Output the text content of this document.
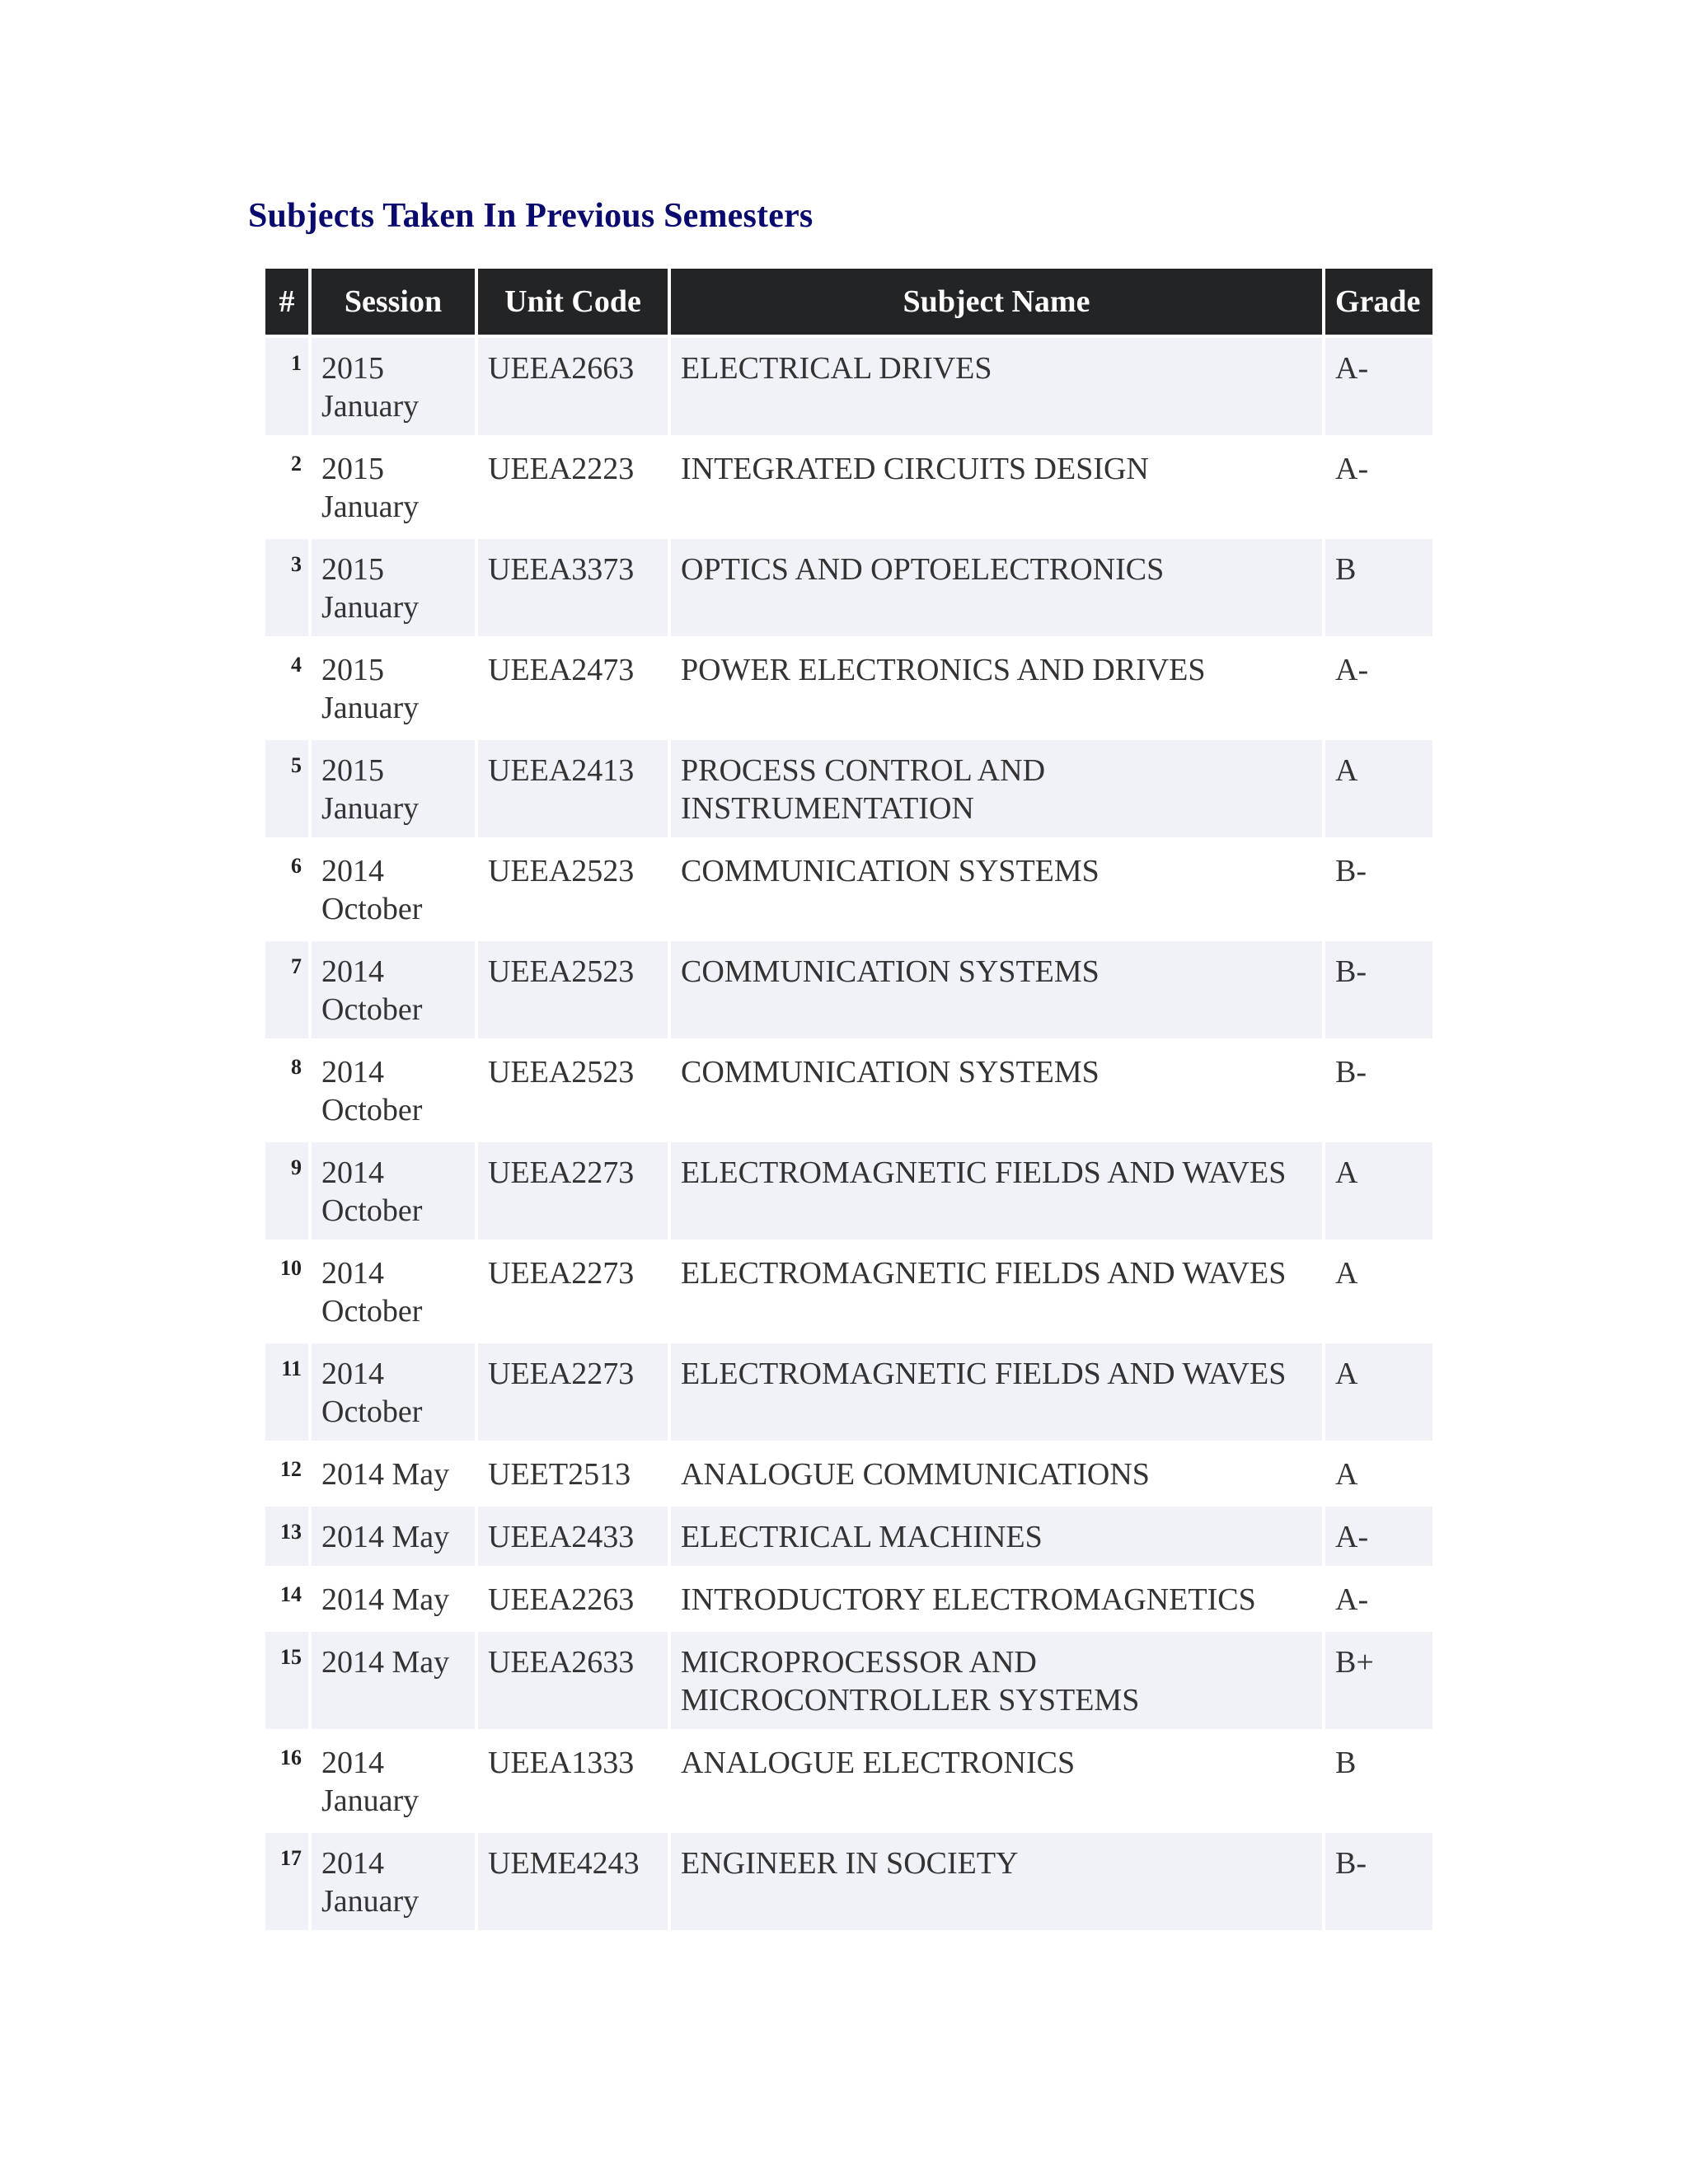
Subjects Taken In Previous Semesters
#	Session	Unit Code	Subject Name	Grade
1	2015 January	UEEA2663	ELECTRICAL DRIVES	A-
2	2015 January	UEEA2223	INTEGRATED CIRCUITS DESIGN	A-
3	2015 January	UEEA3373	OPTICS AND OPTOELECTRONICS	B
4	2015 January	UEEA2473	POWER ELECTRONICS AND DRIVES	A-
5	2015 January	UEEA2413	PROCESS CONTROL AND INSTRUMENTATION	A
6	2014 October	UEEA2523	COMMUNICATION SYSTEMS	B-
7	2014 October	UEEA2523	COMMUNICATION SYSTEMS	B-
8	2014 October	UEEA2523	COMMUNICATION SYSTEMS	B-
9	2014 October	UEEA2273	ELECTROMAGNETIC FIELDS AND WAVES	A
10	2014 October	UEEA2273	ELECTROMAGNETIC FIELDS AND WAVES	A
11	2014 October	UEEA2273	ELECTROMAGNETIC FIELDS AND WAVES	A
12	2014 May	UEET2513	ANALOGUE COMMUNICATIONS	A
13	2014 May	UEEA2433	ELECTRICAL MACHINES	A-
14	2014 May	UEEA2263	INTRODUCTORY ELECTROMAGNETICS	A-
15	2014 May	UEEA2633	MICROPROCESSOR AND MICROCONTROLLER SYSTEMS	B+
16	2014 January	UEEA1333	ANALOGUE ELECTRONICS	B
17	2014 January	UEME4243	ENGINEER IN SOCIETY	B-
